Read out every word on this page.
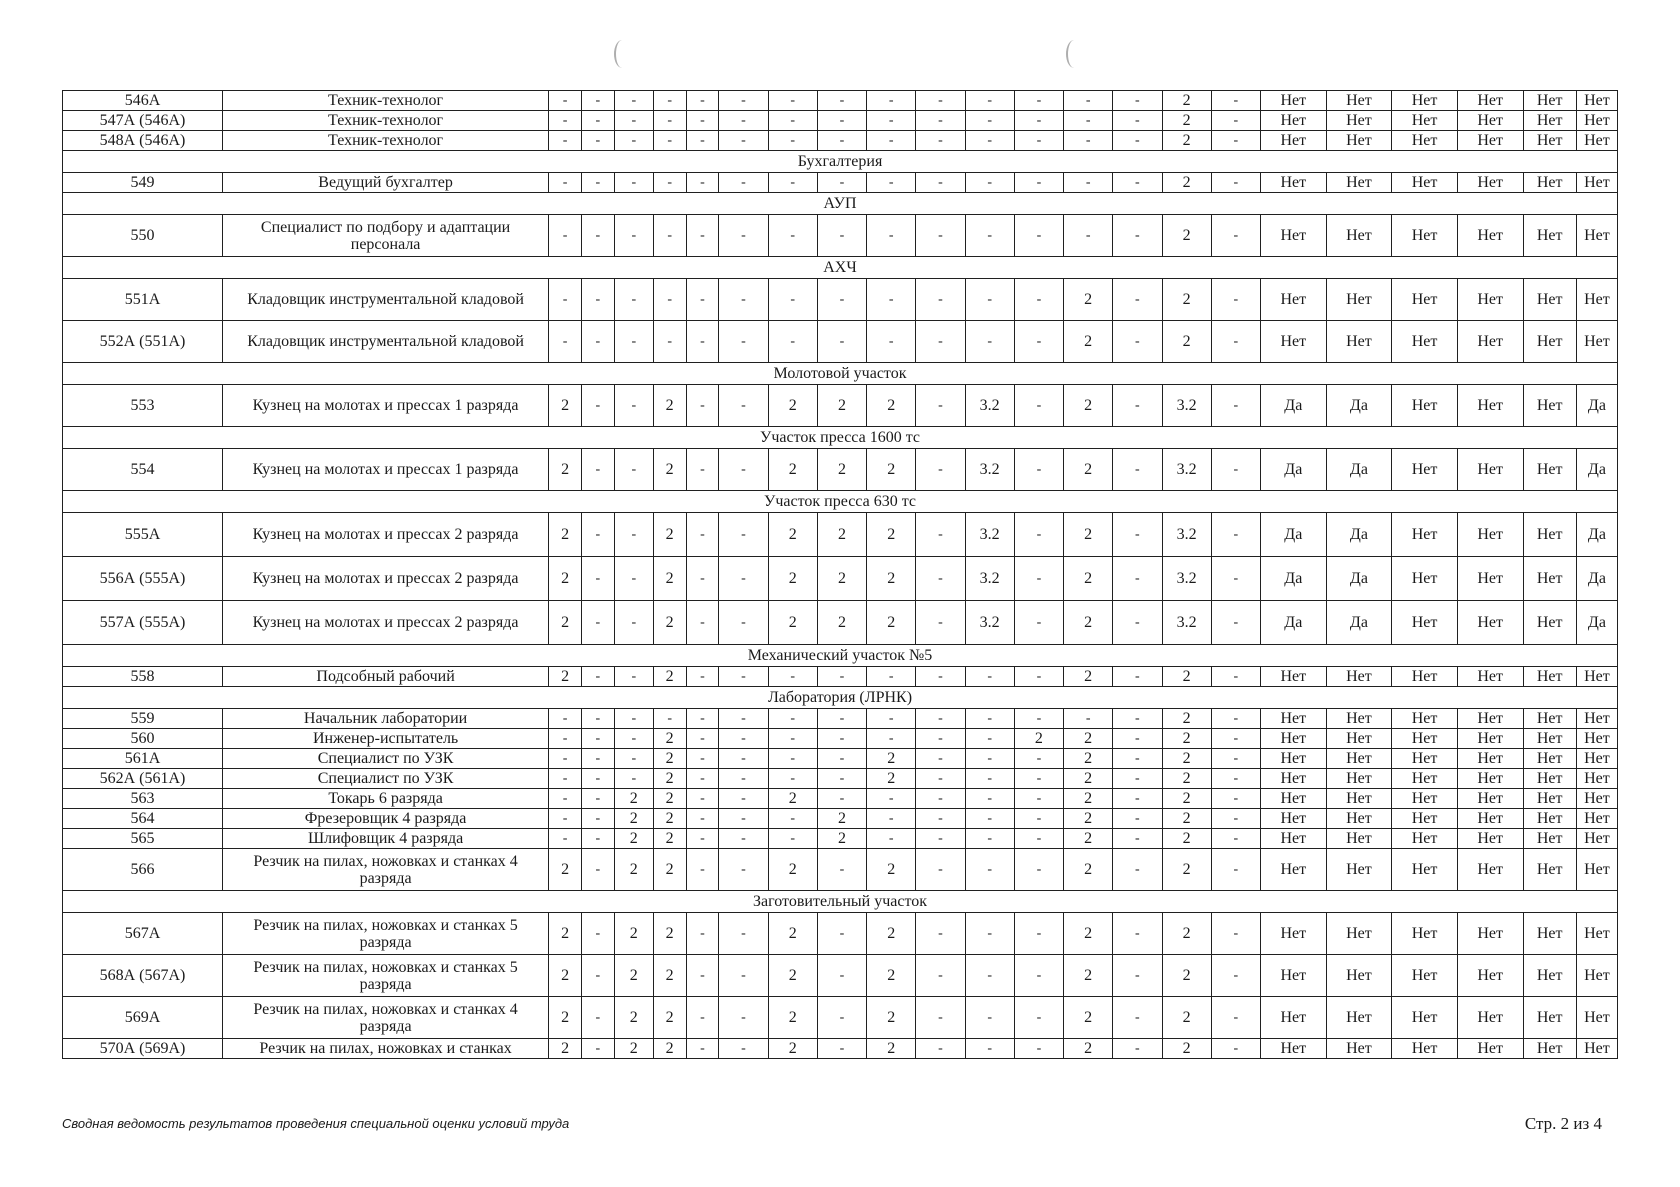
546А	Техник-технолог	-	-	-	-	-	-	-	-	-	-	-	-	-	-	2	-	Нет	Нет	Нет	Нет	Нет	Нет
547А (546А)	Техник-технолог	-	-	-	-	-	-	-	-	-	-	-	-	-	-	2	-	Нет	Нет	Нет	Нет	Нет	Нет
548А (546А)	Техник-технолог	-	-	-	-	-	-	-	-	-	-	-	-	-	-	2	-	Нет	Нет	Нет	Нет	Нет	Нет
Бухгалтерия																							
549	Ведущий бухгалтер	-	-	-	-	-	-	-	-	-	-	-	-	-	-	2	-	Нет	Нет	Нет	Нет	Нет	Нет
АУП																							
550	Специалист по подбору и адаптации персонала	-	-	-	-	-	-	-	-	-	-	-	-	-	-	2	-	Нет	Нет	Нет	Нет	Нет	Нет
АХЧ																							
551А	Кладовщик инструментальной кладовой	-	-	-	-	-	-	-	-	-	-	-	-	2	-	2	-	Нет	Нет	Нет	Нет	Нет	Нет
552А (551А)	Кладовщик инструментальной кладовой	-	-	-	-	-	-	-	-	-	-	-	-	2	-	2	-	Нет	Нет	Нет	Нет	Нет	Нет
Молотовой участок																							
553	Кузнец на молотах и прессах 1 разряда	2	-	-	2	-	-	2	2	2	-	3.2	-	2	-	3.2	-	Да	Да	Нет	Нет	Нет	Да
Участок пресса 1600 тс																							
554	Кузнец на молотах и прессах 1 разряда	2	-	-	2	-	-	2	2	2	-	3.2	-	2	-	3.2	-	Да	Да	Нет	Нет	Нет	Да
Участок пресса 630 тс																							
555А	Кузнец на молотах и прессах 2 разряда	2	-	-	2	-	-	2	2	2	-	3.2	-	2	-	3.2	-	Да	Да	Нет	Нет	Нет	Да
556А (555А)	Кузнец на молотах и прессах 2 разряда	2	-	-	2	-	-	2	2	2	-	3.2	-	2	-	3.2	-	Да	Да	Нет	Нет	Нет	Да
557А (555А)	Кузнец на молотах и прессах 2 разряда	2	-	-	2	-	-	2	2	2	-	3.2	-	2	-	3.2	-	Да	Да	Нет	Нет	Нет	Да
Механический участок №5																							
558	Подсобный рабочий	2	-	-	2	-	-	-	-	-	-	-	-	2	-	2	-	Нет	Нет	Нет	Нет	Нет	Нет
Лаборатория (ЛРНК)																							
559	Начальник лаборатории	-	-	-	-	-	-	-	-	-	-	-	-	-	-	2	-	Нет	Нет	Нет	Нет	Нет	Нет
560	Инженер-испытатель	-	-	-	2	-	-	-	-	-	-	-	2	2	-	2	-	Нет	Нет	Нет	Нет	Нет	Нет
561А	Специалист по УЗК	-	-	-	2	-	-	-	-	2	-	-	-	2	-	2	-	Нет	Нет	Нет	Нет	Нет	Нет
562А (561А)	Специалист по УЗК	-	-	-	2	-	-	-	-	2	-	-	-	2	-	2	-	Нет	Нет	Нет	Нет	Нет	Нет
563	Токарь 6 разряда	-	-	2	2	-	-	2	-	-	-	-	-	2	-	2	-	Нет	Нет	Нет	Нет	Нет	Нет
564	Фрезеровщик 4 разряда	-	-	2	2	-	-	-	2	-	-	-	-	2	-	2	-	Нет	Нет	Нет	Нет	Нет	Нет
565	Шлифовщик 4 разряда	-	-	2	2	-	-	-	2	-	-	-	-	2	-	2	-	Нет	Нет	Нет	Нет	Нет	Нет
566	Резчик на пилах, ножовках и станках 4 разряда	2	-	2	2	-	-	2	-	2	-	-	-	2	-	2	-	Нет	Нет	Нет	Нет	Нет	Нет
Заготовительный участок																							
567А	Резчик на пилах, ножовках и станках 5 разряда	2	-	2	2	-	-	2	-	2	-	-	-	2	-	2	-	Нет	Нет	Нет	Нет	Нет	Нет
568А (567А)	Резчик на пилах, ножовках и станках 5 разряда	2	-	2	2	-	-	2	-	2	-	-	-	2	-	2	-	Нет	Нет	Нет	Нет	Нет	Нет
569А	Резчик на пилах, ножовках и станках 4 разряда	2	-	2	2	-	-	2	-	2	-	-	-	2	-	2	-	Нет	Нет	Нет	Нет	Нет	Нет
570А (569А)	Резчик на пилах, ножовках и станках	2	-	2	2	-	-	2	-	2	-	-	-	2	-	2	-	Нет	Нет	Нет	Нет	Нет	Нет
Сводная ведомость результатов проведения специальной оценки условий труда	Стр. 2 из 4
